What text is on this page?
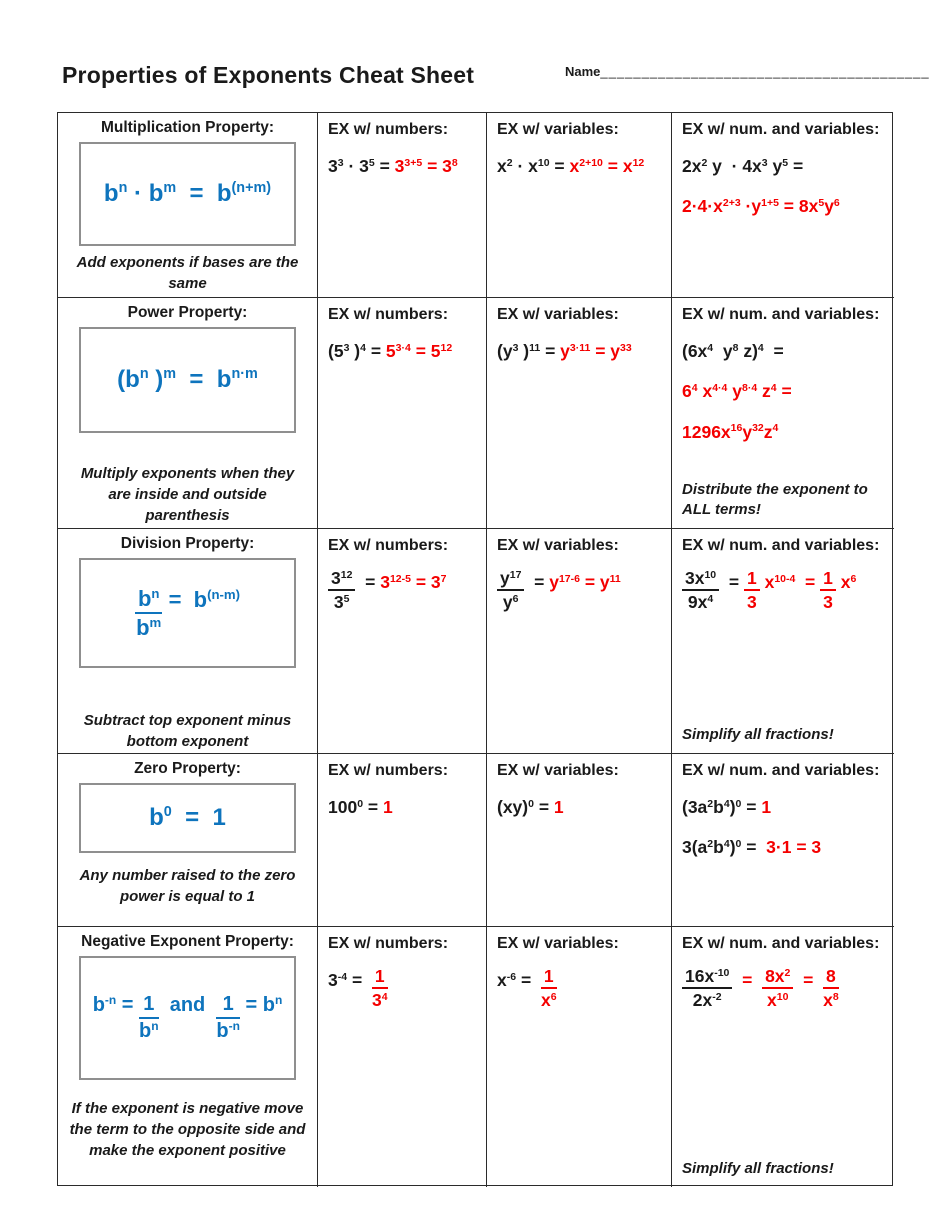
Properties of Exponents Cheat Sheet	Name________________________________________
Multiplication Property:
$b^n \cdot b^m = b^{(n+m)}$
Add exponents if bases are the same
EX w/ numbers:
$3^3 \cdot 3^5 = 3^{3+5} = 3^8$
EX w/ variables:
$x^2 \cdot x^{10} = x^{2+10} = x^{12}$
EX w/ num. and variables:
$2x^2$ $y \cdot 4x^3$ $y^5$ =
$2\cdot 4\cdot x^{2+3} \cdot y^{1+5} = 8x^5y^6$
Power Property:
($b^n$ )$^m = b^{n\cdot m}$
Multiply exponents when they are inside and outside parenthesis
EX w/ numbers:
($5^3$ )$^4 = 5^{3\cdot 4} = 5^{12}$
EX w/ variables:
($y^3$ )$^{11} = y^{3\cdot 11} = y^{33}$
EX w/ num. and variables:
($6x^4$  $y^8$ z)$^4$  =
$6^4$ $x^{4\cdot 4}$ $y^{8\cdot 4}$ $z^4$ =
$1296x^{16}y^{32}z^4$
Distribute the exponent to ALL terms!
Division Property:
$\frac{b^n}{b^m} = b^{(n-m)}$
Subtract top exponent minus bottom exponent
EX w/ numbers:
$\frac{3^{12}}{3^5} = 3^{12-5} = 3^7$
EX w/ variables:
$\frac{y^{17}}{y^6} = y^{17-6} = y^{11}$
EX w/ num. and variables:
$\frac{3x^{10}}{9x^4} = \frac{1}{3} x^{10-4} = \frac{1}{3} x^6$
Simplify all fractions!
Zero Property:
$b^0 = 1$
Any number raised to the zero power is equal to 1
EX w/ numbers:
$100^0 = 1$
EX w/ variables:
(xy)$^0$ = 1
EX w/ num. and variables:
$(3a^2b^4)^0 = 1$
$3(a^2b^4)^0 = 3\cdot 1 = 3$
Negative Exponent Property:
$b^{-n} = \frac{1}{b^n}$ and $\frac{1}{b^{-n}} = b^n$
If the exponent is negative move the term to the opposite side and make the exponent positive
EX w/ numbers:
$3^{-4} = \frac{1}{3^4}$
EX w/ variables:
$x^{-6} = \frac{1}{x^6}$
EX w/ num. and variables:
$\frac{16x^{-10}}{2x^{-2}} = \frac{8x^2}{x^{10}} = \frac{8}{x^8}$
Simplify all fractions!
